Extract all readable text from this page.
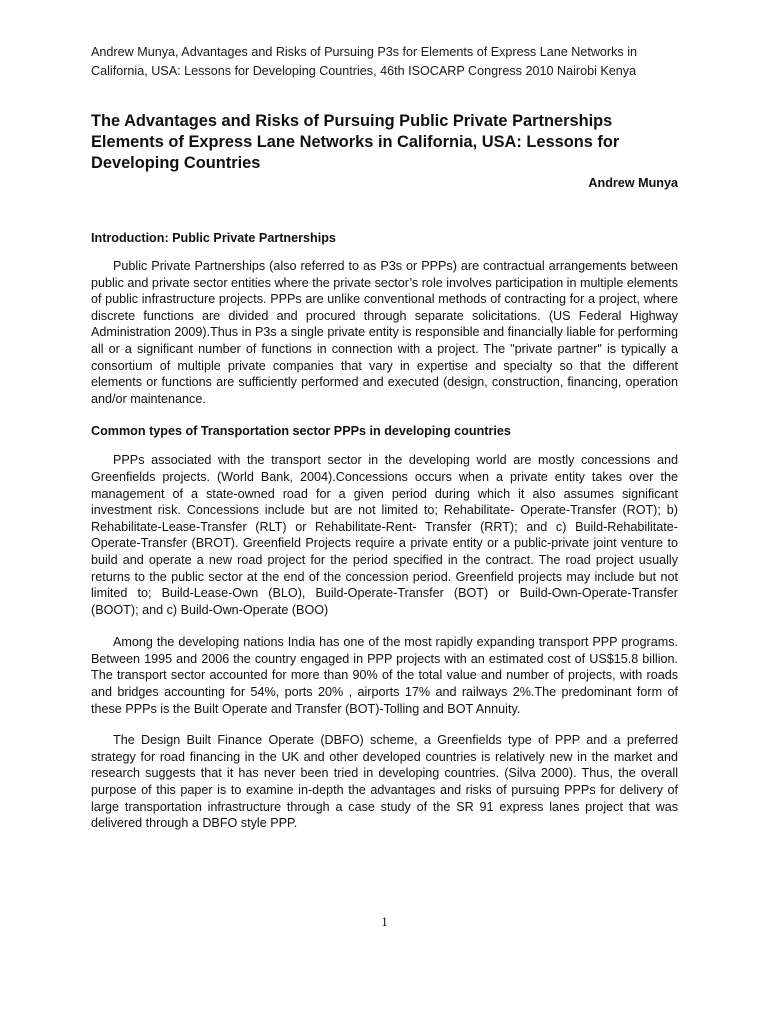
Andrew Munya, Advantages and Risks of Pursuing P3s for Elements of Express Lane Networks in
California, USA: Lessons for Developing Countries, 46th ISOCARP Congress 2010 Nairobi Kenya
The Advantages and Risks of Pursuing Public Private Partnerships
Elements of Express Lane Networks in California, USA: Lessons for
Developing Countries
Andrew Munya
Introduction: Public Private Partnerships

Public Private Partnerships (also referred to as P3s or PPPs) are contractual arrangements between public and private sector entities where the private sector’s role involves participation in multiple elements of public infrastructure projects. PPPs are unlike conventional methods of contracting for a project, where discrete functions are divided and procured through separate solicitations. (US Federal Highway Administration 2009).Thus in P3s a single private entity is responsible and financially liable for performing all or a significant number of functions in connection with a project. The "private partner" is typically a consortium of multiple private companies that vary in expertise and specialty so that the different elements or functions are sufficiently performed and executed (design, construction, financing, operation and/or maintenance.

Common types of Transportation sector PPPs in developing countries

PPPs associated with the transport sector in the developing world are mostly concessions and Greenfields projects. (World Bank, 2004).Concessions occurs when a private entity takes over the management of a state-owned road for a given period during which it also assumes significant investment risk. Concessions include but are not limited to; Rehabilitate- Operate-Transfer (ROT); b) Rehabilitate-Lease-Transfer (RLT) or Rehabilitate-Rent- Transfer (RRT); and c) Build-Rehabilitate-Operate-Transfer (BROT). Greenfield Projects require a private entity or a public-private joint venture to build and operate a new road project for the period specified in the contract. The road project usually returns to the public sector at the end of the concession period. Greenfield projects may include but not limited to; Build-Lease-Own (BLO), Build-Operate-Transfer (BOT) or Build-Own-Operate-Transfer (BOOT); and c) Build-Own-Operate (BOO)

Among the developing nations India has one of the most rapidly expanding transport PPP programs. Between 1995 and 2006 the country engaged in PPP projects with an estimated cost of US$15.8 billion. The transport sector accounted for more than 90% of the total value and number of projects, with roads and bridges accounting for 54%, ports 20% , airports 17% and railways 2%.The predominant form of these PPPs is the Built Operate and Transfer (BOT)-Tolling and BOT Annuity.

The Design Built Finance Operate (DBFO) scheme, a Greenfields type of PPP and a preferred strategy for road financing in the UK and other developed countries is relatively new in the market and research suggests that it has never been tried in developing countries. (Silva 2000). Thus, the overall purpose of this paper is to examine in-depth the advantages and risks of pursuing PPPs for delivery of large transportation infrastructure through a case study of the SR 91 express lanes project that was delivered through a DBFO style PPP.

1
